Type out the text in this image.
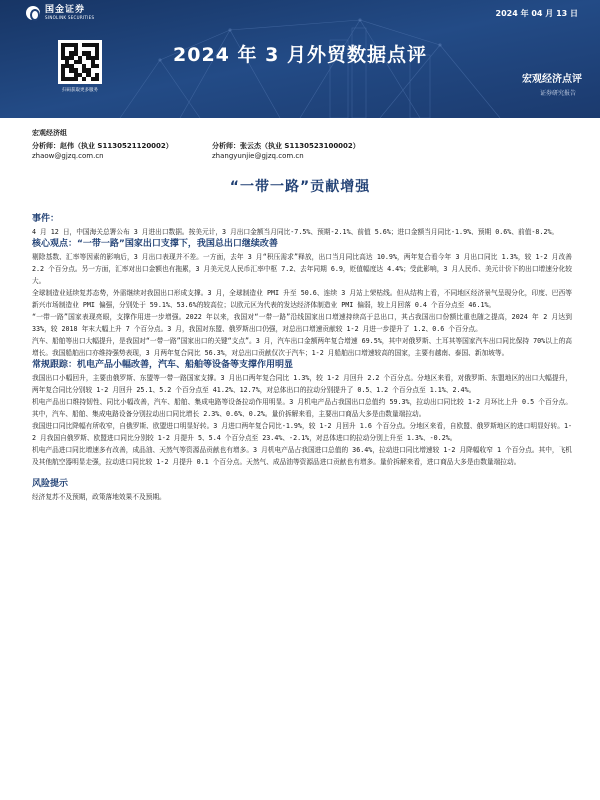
国金证券
SINOLINK SECURITIES	2024 年 04 月 13 日
2024 年 3 月外贸数据点评
扫码获取更多服务
宏观经济点评
证券研究报告
宏观经济组
分析师：赵伟（执业 S1130521120002）
zhaow@gjzq.com.cn
分析师：张云杰（执业 S1130523100002）
zhangyunjie@gjzq.com.cn
“一带一路”贡献增强
事件：
4 月 12 日，中国海关总署公布 3 月进出口数据。按美元计，3 月出口金额当月同比-7.5%、预期-2.1%、前值 5.6%；进口金额当月同比-1.9%、预期 0.6%、前值-8.2%。
核心观点：“一带一路”国家出口支撑下，我国总出口继续改善
剔除基数、汇率等因素的影响后，3 月出口表现并不差。一方面，去年 3 月“积压需求”释放，出口当月同比高达 10.9%，两年复合看今年 3 月出口同比 1.3%，较 1-2 月改善 2.2 个百分点。另一方面，汇率对出口金额也有拖累，3 月美元兑人民币汇率中枢 7.2、去年同期 6.9，贬值幅度达 4.4%；受此影响，3 月人民币、美元计价下的出口增速分化较大。
全球制造业延续复苏态势，外需继续对我国出口形成支撑。3 月，全球制造业 PMI 升至 50.6、连续 3 月站上荣枯线。但从结构上看，不同地区经济景气呈现分化，印度、巴西等新兴市场制造业 PMI 偏强，分别处于 59.1%、53.6%的较高位；以欧元区为代表的发达经济体制造业 PMI 偏弱，较上月回落 0.4 个百分点至 46.1%。
“一带一路”国家表现亮眼，支撑作用进一步增强。2022 年以来，我国对“一带一路”沿线国家出口增速持续高于总出口，其占我国出口份额比重也随之提高，2024 年 2 月达到 33%，较 2018 年末大幅上升 7 个百分点。3 月，我国对东盟、俄罗斯出口仍强，对总出口增速贡献较 1-2 月进一步提升了 1.2、0.6 个百分点。
汽车、船舶等出口大幅提升，是我国对“一带一路”国家出口的关键“支点”。3 月，汽车出口金额两年复合增速 69.5%，其中对俄罗斯、土耳其等国家汽车出口同比保持 70%以上的高增长。我国船舶出口亦维持强势表现，3 月两年复合同比 56.3%，对总出口贡献仅次于汽车；1-2 月船舶出口增速较高的国家，主要有越南、泰国、新加坡等。
常规跟踪：机电产品小幅改善，汽车、船舶等设备等支撑作用明显
我国出口小幅回升，主要由俄罗斯、东盟等一带一路国家支撑。3 月出口两年复合同比 1.3%，较 1-2 月回升 2.2 个百分点。分地区来看，对俄罗斯、东盟地区的出口大幅提升，两年复合同比分别较 1-2 月回升 25.1、5.2 个百分点至 41.2%、12.7%，对总体出口的拉动分别提升了 0.5、1.2 个百分点至 1.1%、2.4%。
机电产品出口维持韧性、同比小幅改善，汽车、船舶、集成电路等设备拉动作用明显。3 月机电产品占我国出口总值约 59.3%，拉动出口同比较 1-2 月环比上升 0.5 个百分点。其中，汽车、船舶、集成电路设备分别拉动出口同比增长 2.3%、0.6%、0.2%。量价拆解来看，主要出口商品大多是由数量端拉动。
我国进口同比降幅有所收窄，自俄罗斯、欧盟进口明显好转。3 月进口两年复合同比-1.9%，较 1-2 月回升 1.6 个百分点。分地区来看，自欧盟、俄罗斯地区的进口明显好转。1-2 月我国自俄罗斯、欧盟进口同比分别较 1-2 月提升 5、5.4 个百分点至 23.4%、-2.1%，对总体进口的拉动分别上升至 1.3%、-0.2%。
机电产品进口同比增速多有改善，成品油、天然气等资源品贡献也有增多。3 月机电产品占我国进口总值的 36.4%，拉动进口同比增速较 1-2 月降幅收窄 1 个百分点。其中，飞机及其他航空器明显走强，拉动进口同比较 1-2 月提升 0.1 个百分点。天然气、成品油等资源品进口贡献也有增多。量价拆解来看，进口商品大多是由数量端拉动。
风险提示
经济复苏不及预期，政策落地效果不及预期。
